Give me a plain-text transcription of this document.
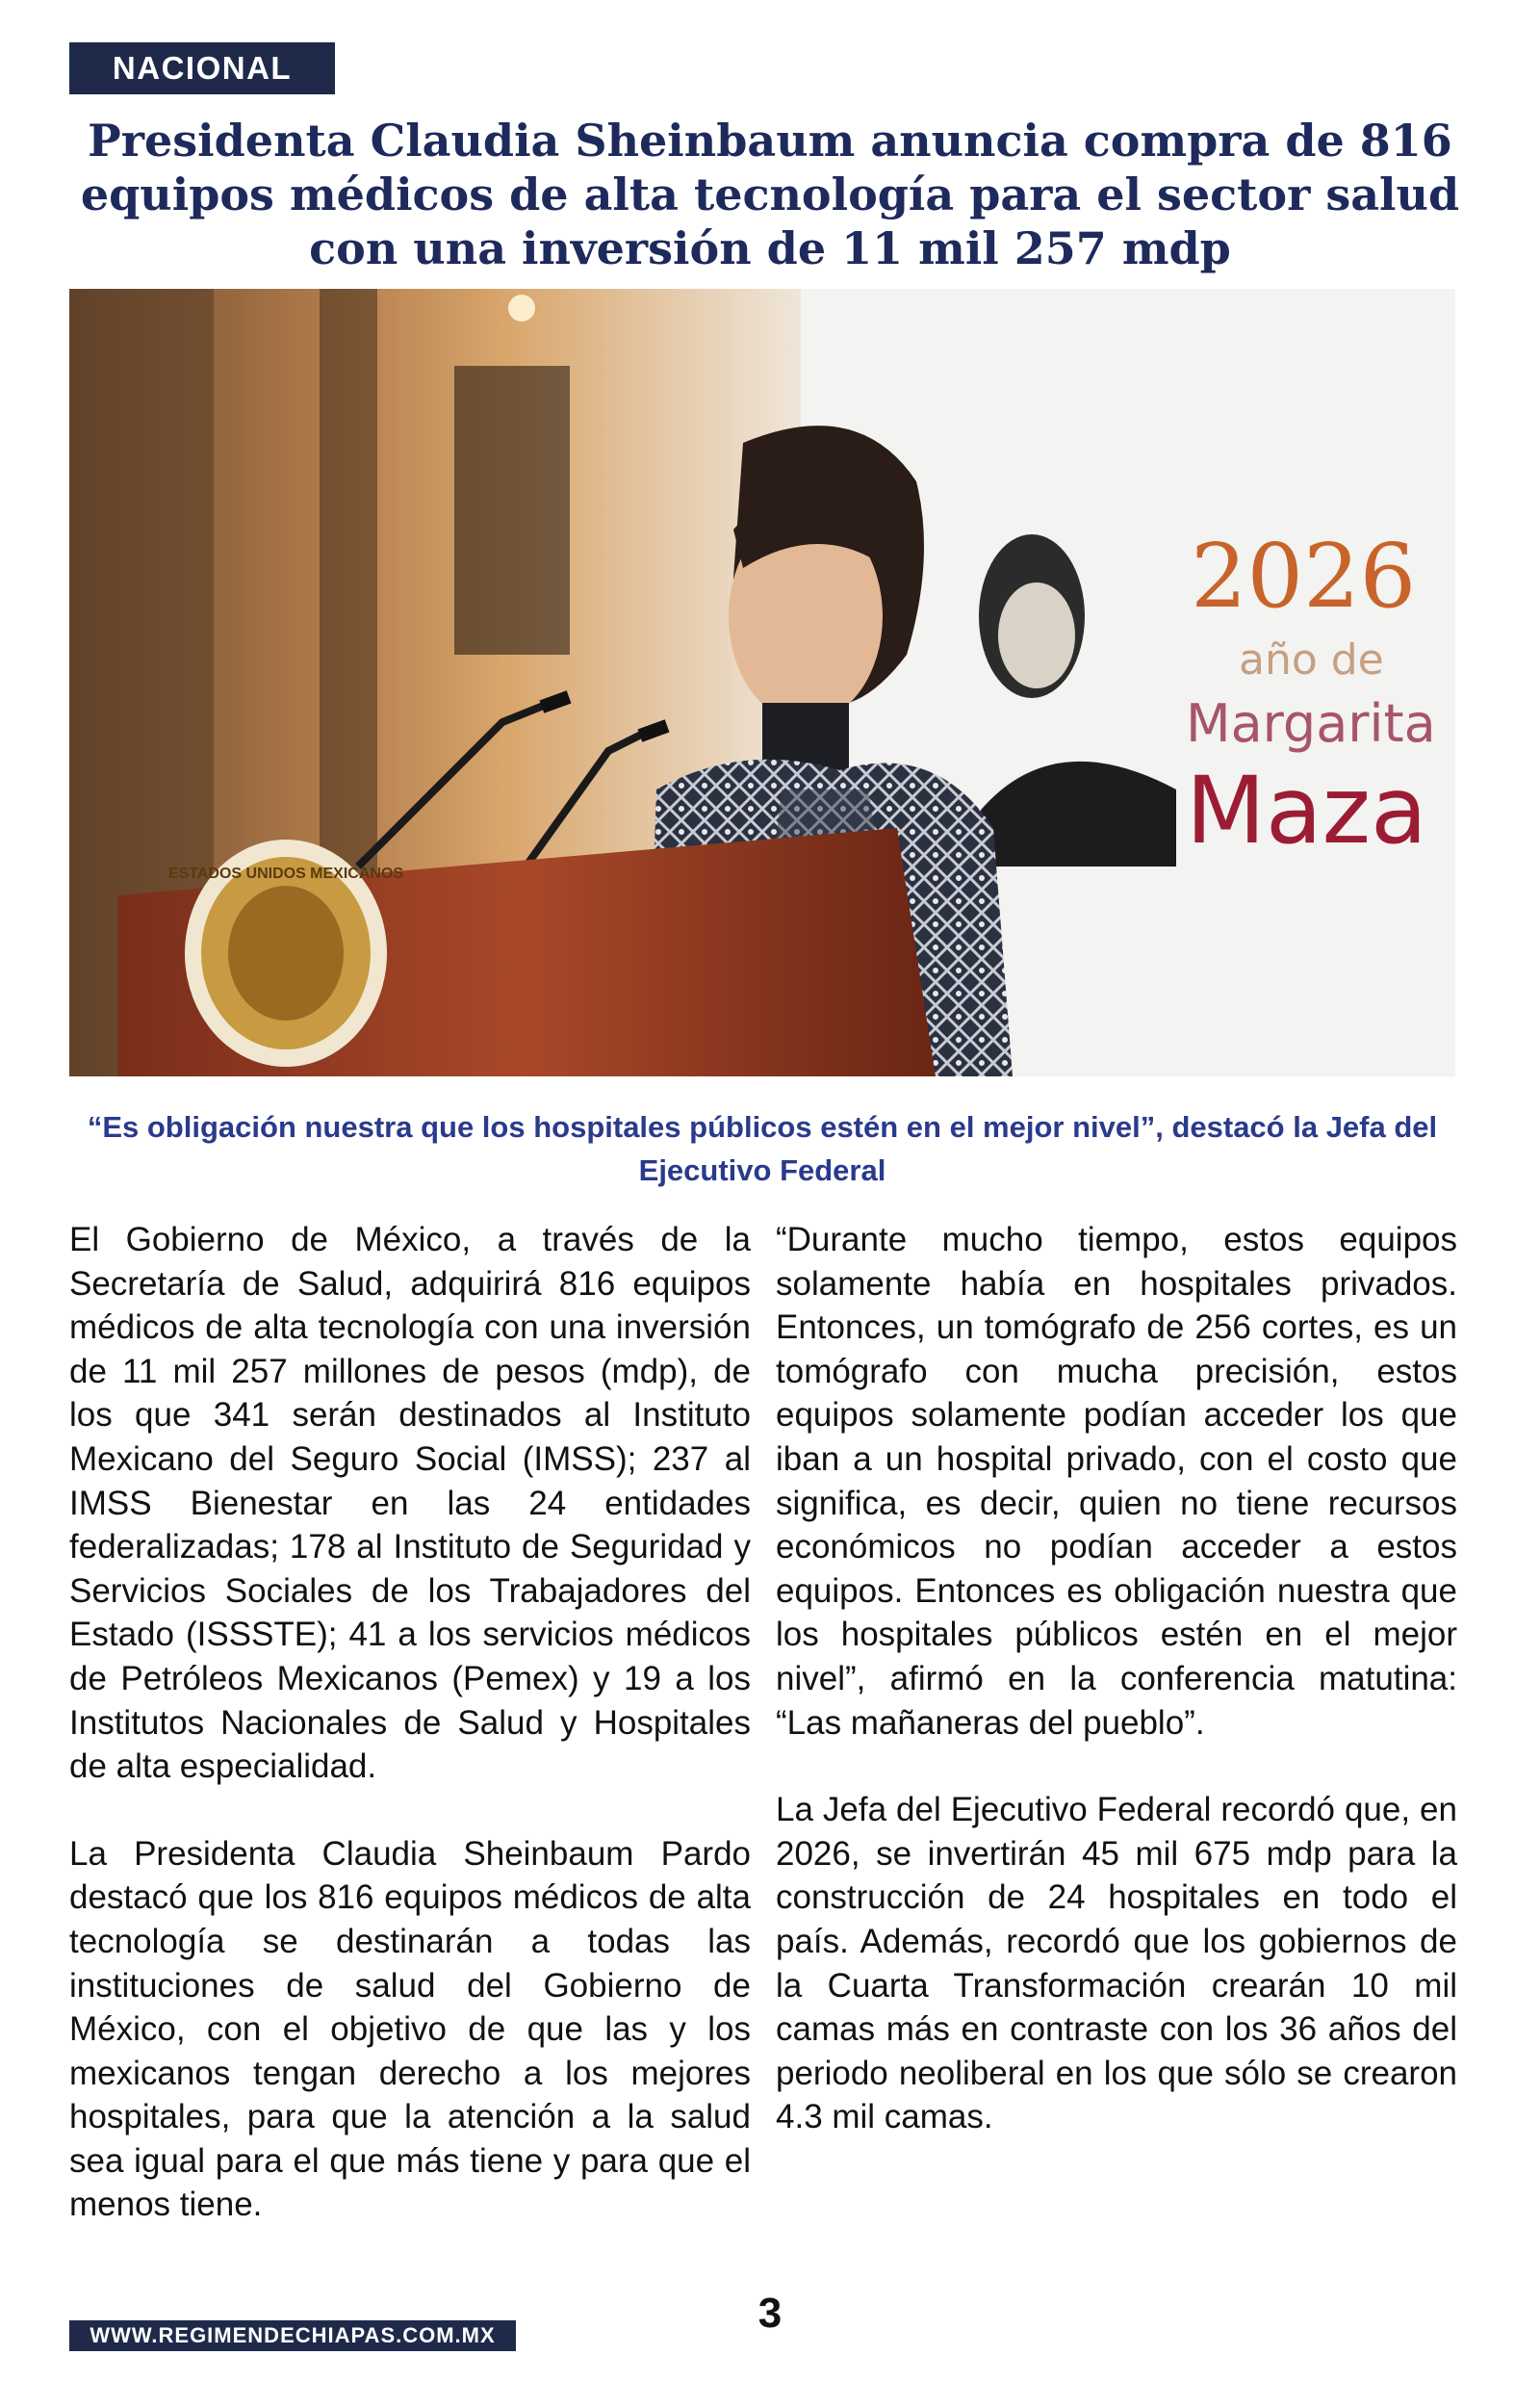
NACIONAL
Presidenta Claudia Sheinbaum anuncia compra de 816 equipos médicos de alta tecnología para el sector salud con una inversión de 11 mil 257 mdp
2026
año de
Margarita
Maza
ESTADOS UNIDOS MEXICANOS

“Es obligación nuestra que los hospitales públicos estén en el mejor nivel”, destacó la Jefa del Ejecutivo Federal

El Gobierno de México, a través de la Secretaría de Salud, adquirirá 816 equipos médicos de alta tecnología con una inversión de 11 mil 257 millones de pesos (mdp), de los que 341 serán destinados al Instituto Mexicano del Seguro Social (IMSS); 237 al IMSS Bienestar en las 24 entidades federalizadas; 178 al Instituto de Seguridad y Servicios Sociales de los Trabajadores del Estado (ISSSTE); 41 a los servicios médicos de Petróleos Mexicanos (Pemex) y 19 a los Institutos Nacionales de Salud y Hospitales de alta especialidad.

La Presidenta Claudia Sheinbaum Pardo destacó que los 816 equipos médicos de alta tecnología se destinarán a todas las instituciones de salud del Gobierno de México, con el objetivo de que las y los mexicanos tengan derecho a los mejores hospitales, para que la atención a la salud sea igual para el que más tiene y para que el menos tiene.

“Durante mucho tiempo, estos equipos solamente había en hospitales privados. Entonces, un tomógrafo de 256 cortes, es un tomógrafo con mucha precisión, estos equipos solamente podían acceder los que iban a un hospital privado, con el costo que significa, es decir, quien no tiene recursos económicos no podían acceder a estos equipos. Entonces es obligación nuestra que los hospitales públicos estén en el mejor nivel”, afirmó en la conferencia matutina: “Las mañaneras del pueblo”.

La Jefa del Ejecutivo Federal recordó que, en 2026, se invertirán 45 mil 675 mdp para la construcción de 24 hospitales en todo el país. Además, recordó que los gobiernos de la Cuarta Transformación crearán 10 mil camas más en contraste con los 36 años del periodo neoliberal en los que sólo se crearon 4.3 mil camas.

3
WWW.REGIMENDECHIAPAS.COM.MX
